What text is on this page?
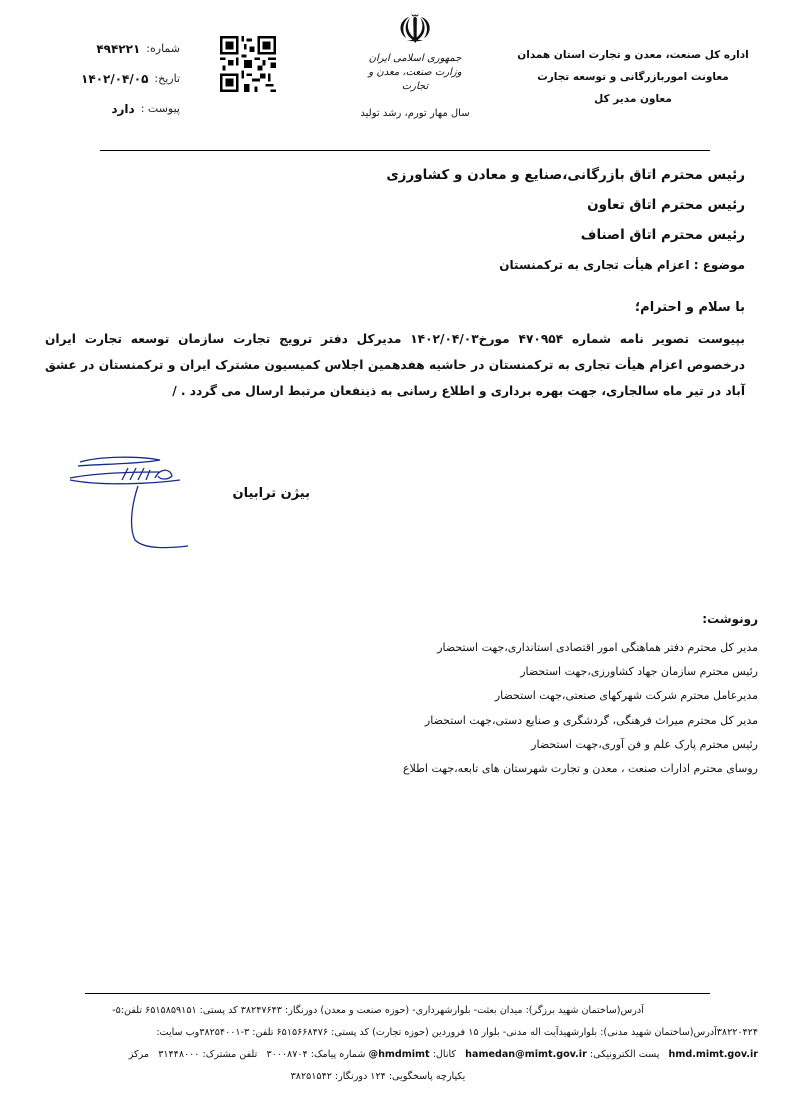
اداره کل صنعت، معدن و تجارت استان همدان
معاونت اموربازرگانی و توسعه تجارت
معاون مدیر کل
☫
جمهوری اسلامی ایران
وزارت صنعت، معدن و تجارت
سال مهار تورم، رشد تولید
شماره:
۴۹۴۲۲۱
تاریخ:
۱۴۰۲/۰۴/۰۵
پیوست :
دارد
رئیس محترم اتاق بازرگانی،صنایع و معادن و کشاورزی
رئیس محترم اتاق تعاون
رئیس محترم اتاق اصناف
موضوع : اعزام هیأت تجاری به ترکمنستان
با سلام و احترام؛
بپیوست تصویر نامه شماره ۴۷۰۹۵۴ مورخ۱۴۰۲/۰۴/۰۳ مدیرکل دفتر ترویج تجارت سازمان توسعه تجارت ایران درخصوص اعزام هیأت تجاری به ترکمنستان در حاشیه هفدهمین اجلاس کمیسیون مشترک ایران و ترکمنستان در عشق آباد در تیر ماه سالجاری، جهت بهره برداری و اطلاع رسانی به ذینفعان مرتبط ارسال می گردد . /
بیژن ترابیان
رونوشت:
مدیر کل محترم دفتر هماهنگی امور اقتصادی استانداری،جهت استحضار
رئیس محترم سازمان جهاد کشاورزی،جهت استحضار
مدیرعامل محترم شرکت شهرکهای صنعتی،جهت استحضار
مدیر کل محترم میراث فرهنگی، گردشگری و صنایع دستی،جهت استحضار
رئیس محترم پارک علم و فن آوری،جهت استحضار
روسای محترم ادارات صنعت ، معدن و تجارت شهرستان های تابعه،جهت اطلاع
آدرس(ساختمان شهید برزگر): میدان بعثت- بلوارشهرداری- (حوزه صنعت و معدن) دورنگار: ۳۸۲۴۷۶۴۳ کد پستی: ۶۵۱۵۸۵۹۱۵۱ تلفن:۵-
۳۸۲۲۰۴۲۴آدرس(ساختمان شهید مدنی): بلوارشهیدآیت اله مدنی- بلوار ۱۵ فروردین (حوزه تجارت) کد پستی: ۶۵۱۵۶۶۸۴۷۶ تلفن: ۳-۳۸۲۵۴۰۰۱وب سایت:
hmd.mimt.gov.ir   پست الکترونیکی: hamedan@mimt.gov.ir   کانال: hmdmimt@ شماره پیامک: ۳۰۰۰۸۷۰۴   تلفن مشترک: ۳۱۴۴۸۰۰۰   مرکز
یکپارچه پاسخگویی: ۱۲۴ دورنگار: ۳۸۲۵۱۵۴۲
